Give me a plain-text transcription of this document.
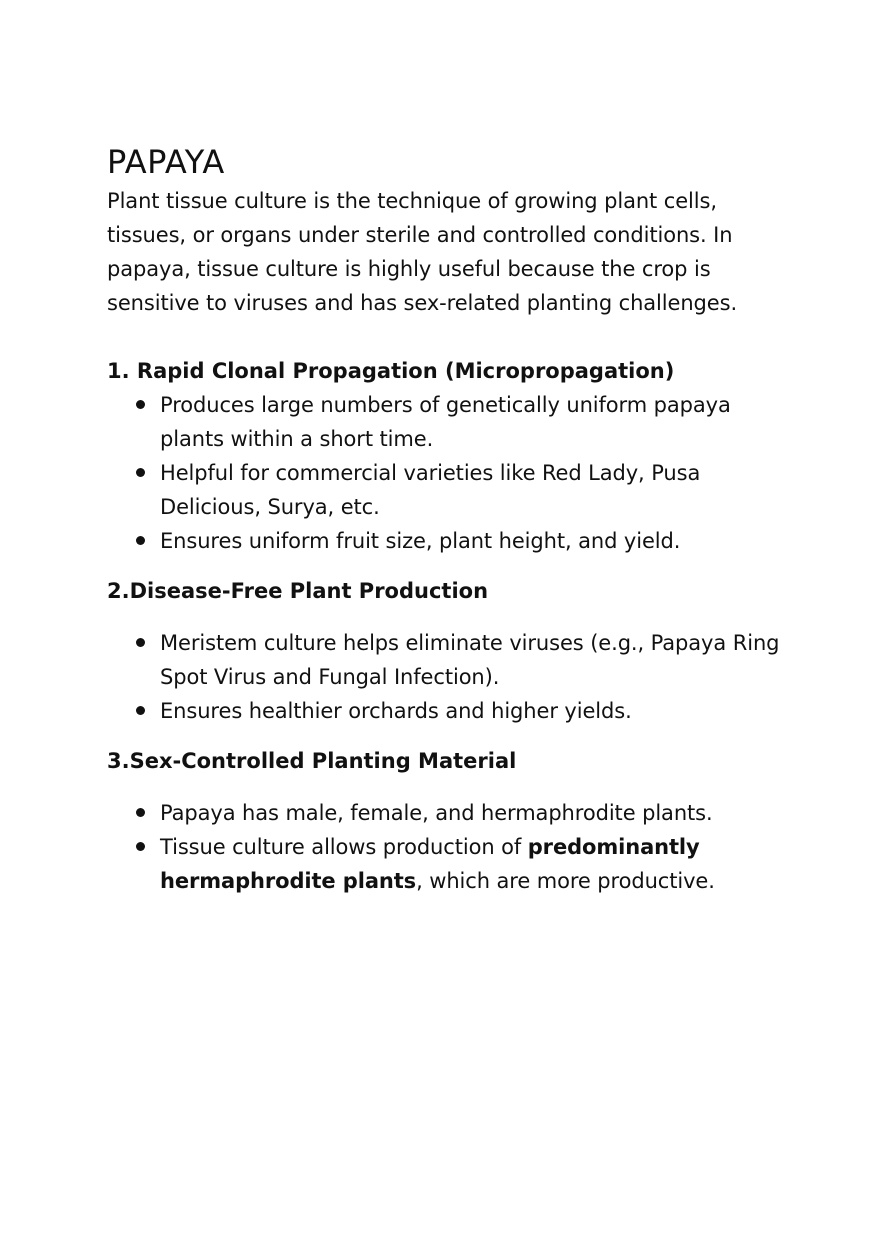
PAPAYA

Plant tissue culture is the technique of growing plant cells, tissues, or organs under sterile and controlled conditions. In papaya, tissue culture is highly useful because the crop is sensitive to viruses and has sex-related planting challenges.

1. Rapid Clonal Propagation (Micropropagation)
Produces large numbers of genetically uniform papaya plants within a short time.
Helpful for commercial varieties like Red Lady, Pusa Delicious, Surya, etc.
Ensures uniform fruit size, plant height, and yield.
2.Disease-Free Plant Production
Meristem culture helps eliminate viruses (e.g., Papaya Ring Spot Virus and Fungal Infection).
Ensures healthier orchards and higher yields.
3.Sex-Controlled Planting Material
Papaya has male, female, and hermaphrodite plants.
Tissue culture allows production of predominantly hermaphrodite plants, which are more productive.
